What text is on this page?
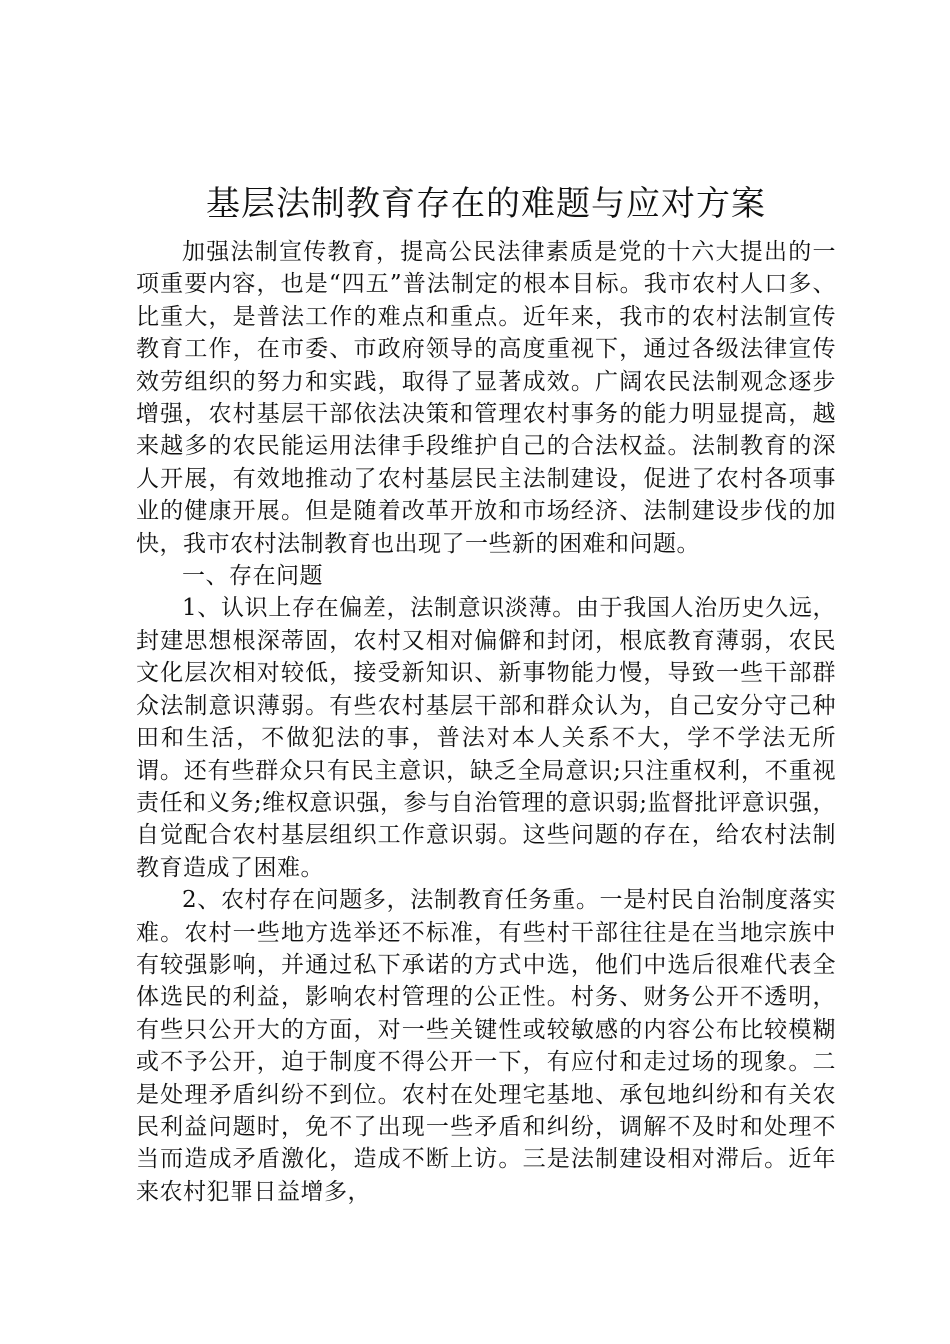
基层法制教育存在的难题与应对方案

加强法制宣传教育，提高公民法律素质是党的十六大提出的一项重要内容，也是“四五”普法制定的根本目标。我市农村人口多、比重大，是普法工作的难点和重点。近年来，我市的农村法制宣传教育工作，在市委、市政府领导的高度重视下，通过各级法律宣传效劳组织的努力和实践，取得了显著成效。广阔农民法制观念逐步增强，农村基层干部依法决策和管理农村事务的能力明显提高，越来越多的农民能运用法律手段维护自己的合法权益。法制教育的深人开展，有效地推动了农村基层民主法制建设，促进了农村各项事业的健康开展。但是随着改革开放和市场经济、法制建设步伐的加快，我市农村法制教育也出现了一些新的困难和问题。

一、存在问题

1、认识上存在偏差，法制意识淡薄。由于我国人治历史久远，封建思想根深蒂固，农村又相对偏僻和封闭，根底教育薄弱，农民文化层次相对较低，接受新知识、新事物能力慢，导致一些干部群众法制意识薄弱。有些农村基层干部和群众认为，自己安分守己种田和生活，不做犯法的事，普法对本人关系不大，学不学法无所谓。还有些群众只有民主意识，缺乏全局意识;只注重权利，不重视责任和义务;维权意识强，参与自治管理的意识弱;监督批评意识强，自觉配合农村基层组织工作意识弱。这些问题的存在，给农村法制教育造成了困难。

2、农村存在问题多，法制教育任务重。一是村民自治制度落实难。农村一些地方选举还不标准，有些村干部往往是在当地宗族中有较强影响，并通过私下承诺的方式中选，他们中选后很难代表全体选民的利益，影响农村管理的公正性。村务、财务公开不透明，有些只公开大的方面，对一些关键性或较敏感的内容公布比较模糊或不予公开，迫于制度不得公开一下，有应付和走过场的现象。二是处理矛盾纠纷不到位。农村在处理宅基地、承包地纠纷和有关农民利益问题时，免不了出现一些矛盾和纠纷，调解不及时和处理不当而造成矛盾激化，造成不断上访。三是法制建设相对滞后。近年来农村犯罪日益增多，
